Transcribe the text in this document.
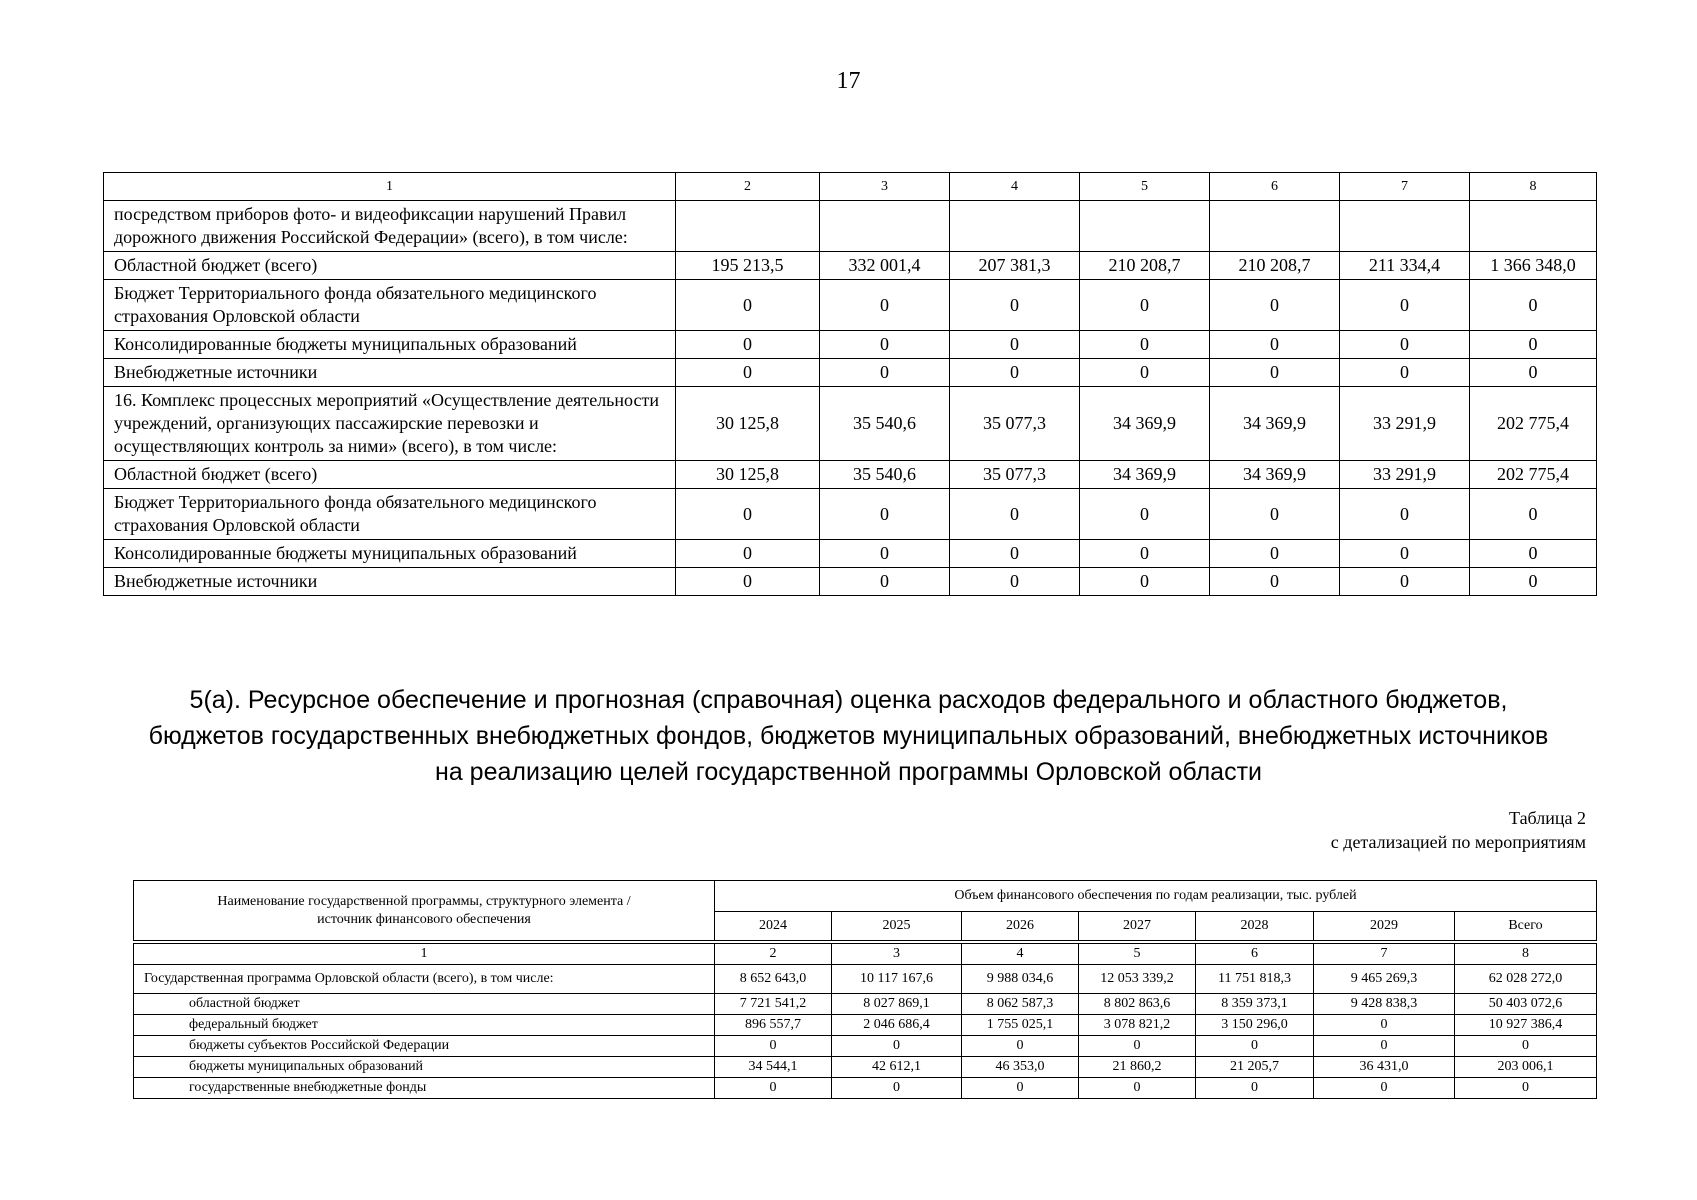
17
1	2	3	4	5	6	7	8
посредством приборов фото- и видеофиксации нарушений Правил дорожного движения Российской Федерации» (всего), в том числе:							
Областной бюджет (всего)	195 213,5	332 001,4	207 381,3	210 208,7	210 208,7	211 334,4	1 366 348,0
Бюджет Территориального фонда обязательного медицинского страхования Орловской области	0	0	0	0	0	0	0
Консолидированные бюджеты муниципальных образований	0	0	0	0	0	0	0
Внебюджетные источники	0	0	0	0	0	0	0
16. Комплекс процессных мероприятий «Осуществление деятельности учреждений, организующих пассажирские перевозки и осуществляющих контроль за ними» (всего), в том числе:	30 125,8	35 540,6	35 077,3	34 369,9	34 369,9	33 291,9	202 775,4
Областной бюджет (всего)	30 125,8	35 540,6	35 077,3	34 369,9	34 369,9	33 291,9	202 775,4
Бюджет Территориального фонда обязательного медицинского страхования Орловской области	0	0	0	0	0	0	0
Консолидированные бюджеты муниципальных образований	0	0	0	0	0	0	0
Внебюджетные источники	0	0	0	0	0	0	0
5(а). Ресурсное обеспечение и прогнозная (справочная) оценка расходов федерального и областного бюджетов,
бюджетов государственных внебюджетных фондов, бюджетов муниципальных образований, внебюджетных источников
на реализацию целей государственной программы Орловской области
Таблица 2
с детализацией по мероприятиям
Наименование государственной программы, структурного элемента / источник финансового обеспечения	Объем финансового обеспечения по годам реализации, тыс. рублей						
	2024	2025	2026	2027	2028	2029	Всего

1	2	3	4	5	6	7	8
Государственная программа Орловской области (всего), в том числе:	8 652 643,0	10 117 167,6	9 988 034,6	12 053 339,2	11 751 818,3	9 465 269,3	62 028 272,0
областной бюджет	7 721 541,2	8 027 869,1	8 062 587,3	8 802 863,6	8 359 373,1	9 428 838,3	50 403 072,6
федеральный бюджет	896 557,7	2 046 686,4	1 755 025,1	3 078 821,2	3 150 296,0	0	10 927 386,4
бюджеты субъектов Российской Федерации	0	0	0	0	0	0	0
бюджеты муниципальных образований	34 544,1	42 612,1	46 353,0	21 860,2	21 205,7	36 431,0	203 006,1
государственные внебюджетные фонды	0	0	0	0	0	0	0
